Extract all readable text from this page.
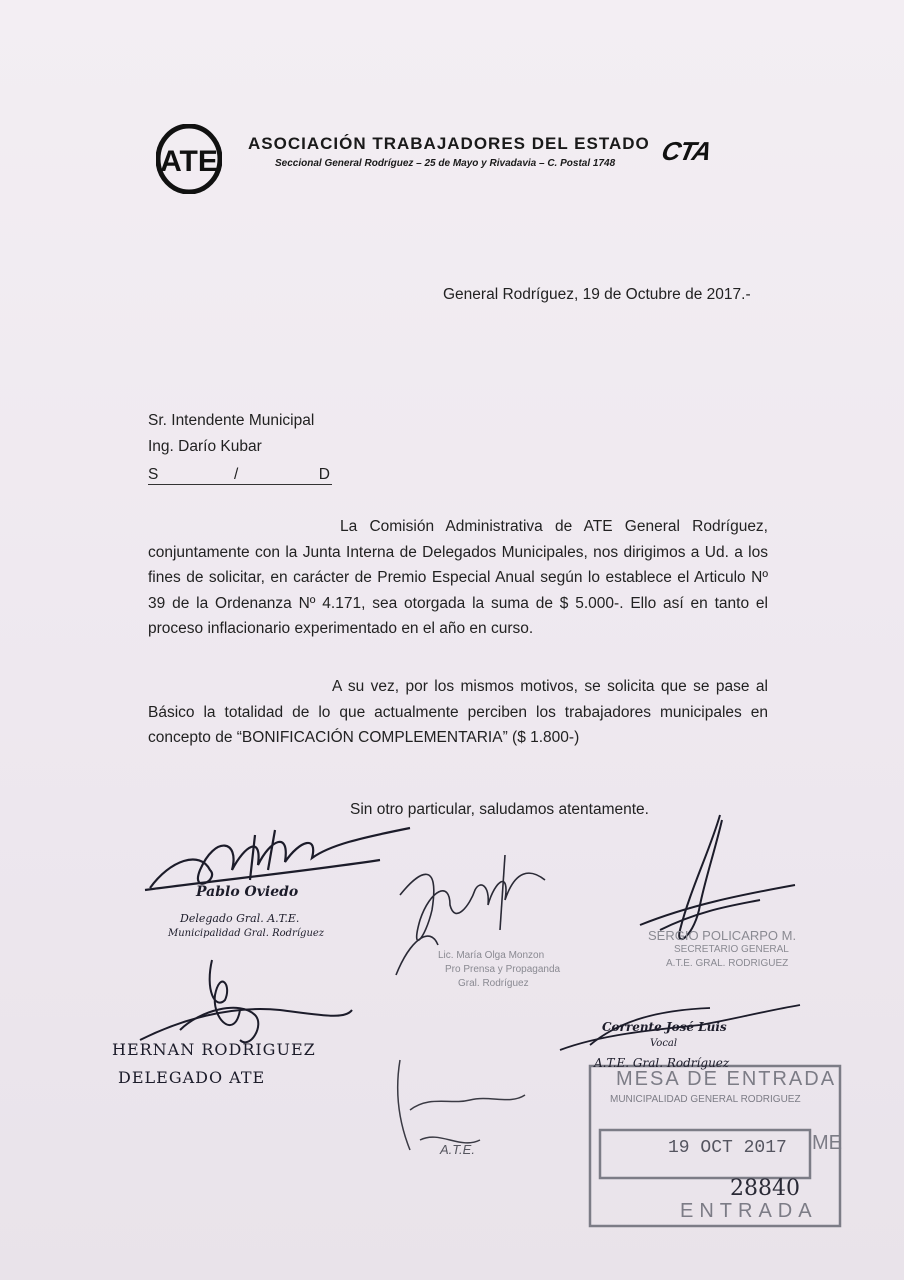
ATE
ASOCIACIÓN TRABAJADORES DEL ESTADO
Seccional General Rodríguez – 25 de Mayo y Rivadavia – C. Postal 1748 CTA
General Rodríguez, 19 de Octubre de 2017.-
Sr. Intendente Municipal
Ing. Darío Kubar
S	/	D

La Comisión Administrativa de ATE General Rodríguez, conjuntamente con la Junta Interna de Delegados Municipales, nos dirigimos a Ud. a los fines de solicitar, en carácter de Premio Especial Anual según lo establece el Articulo Nº 39 de la Ordenanza Nº 4.171, sea otorgada la suma de $ 5.000-. Ello así en tanto el proceso inflacionario experimentado en el año en curso.

A su vez, por los mismos motivos, se solicita que se pase al Básico la totalidad de lo que actualmente perciben los trabajadores municipales en concepto de “BONIFICACIÓN COMPLEMENTARIA” ($ 1.800-)

Sin otro particular, saludamos atentamente.
Pablo Oviedo
Delegado Gral. A.T.E.
Municipalidad Gral. Rodríguez
Lic. María Olga Monzon
Pro Prensa y Propaganda
Gral. Rodríguez
SERGIO POLICARPO M.
SECRETARIO GENERAL
A.T.E. GRAL. RODRIGUEZ
HERNAN RODRIGUEZ
DELEGADO ATE
Corrente José Luis
Vocal
A.T.E. Gral. Rodríguez
A.T.E.
MESA DE ENTRADA
MUNICIPALIDAD GENERAL RODRIGUEZ
19 OCT 2017 ME
28840
ENTRADA
